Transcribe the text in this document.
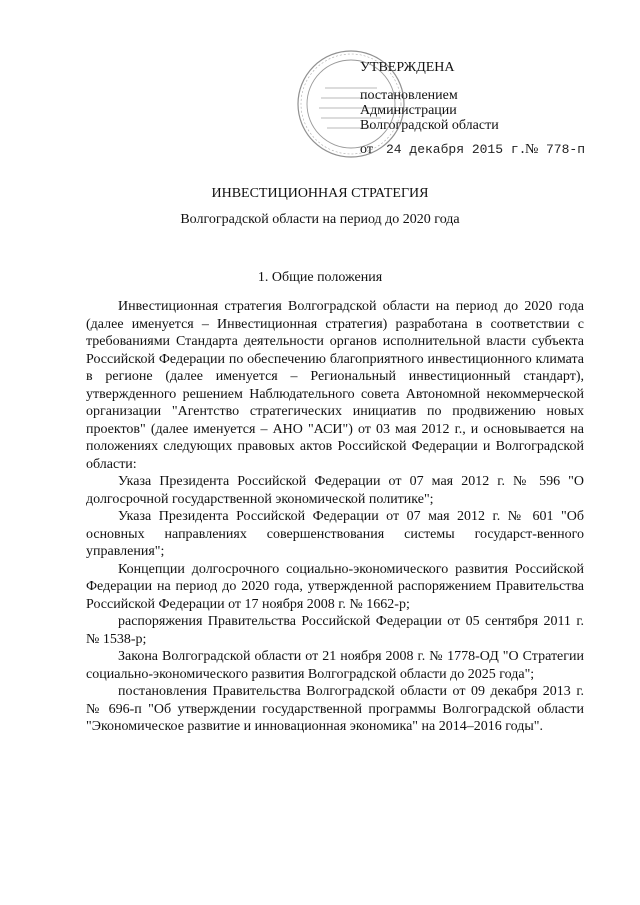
УТВЕРЖДЕНА
постановлением
Администрации
Волгоградской области
от 24 декабря 2015 г.
№ 778-п
ИНВЕСТИЦИОННАЯ СТРАТЕГИЯ
Волгоградской области на период до 2020 года
1. Общие положения

Инвестиционная стратегия Волгоградской области на период до 2020 года (далее именуется – Инвестиционная стратегия) разработана в соответствии с требованиями Стандарта деятельности органов исполнительной власти субъекта Российской Федерации по обеспечению благоприятного инвестиционного климата в регионе (далее именуется – Региональный инвестиционный стандарт), утвержденного решением Наблюдательного совета Автономной некоммерческой организации "Агентство стратегических инициатив по продвижению новых проектов" (далее именуется – АНО "АСИ") от 03 мая 2012 г., и основывается на положениях следующих правовых актов Российской Федерации и Волгоградской области:

Указа Президента Российской Федерации от 07 мая 2012 г. № 596 "О долгосрочной государственной экономической политике";

Указа Президента Российской Федерации от 07 мая 2012 г. № 601 "Об основных направлениях совершенствования системы государст-венного управления";

Концепции долгосрочного социально-экономического развития Российской Федерации на период до 2020 года, утвержденной распоряжением Правительства Российской Федерации от 17 ноября 2008 г. № 1662-р;

распоряжения Правительства Российской Федерации от 05 сентября 2011 г. № 1538-р;

Закона Волгоградской области от 21 ноября 2008 г. № 1778-ОД "О Стратегии социально-экономического развития Волгоградской области до 2025 года";

постановления Правительства Волгоградской области от 09 декабря 2013 г. № 696-п "Об утверждении государственной программы Волгоградской области "Экономическое развитие и инновационная экономика" на 2014–2016 годы".
